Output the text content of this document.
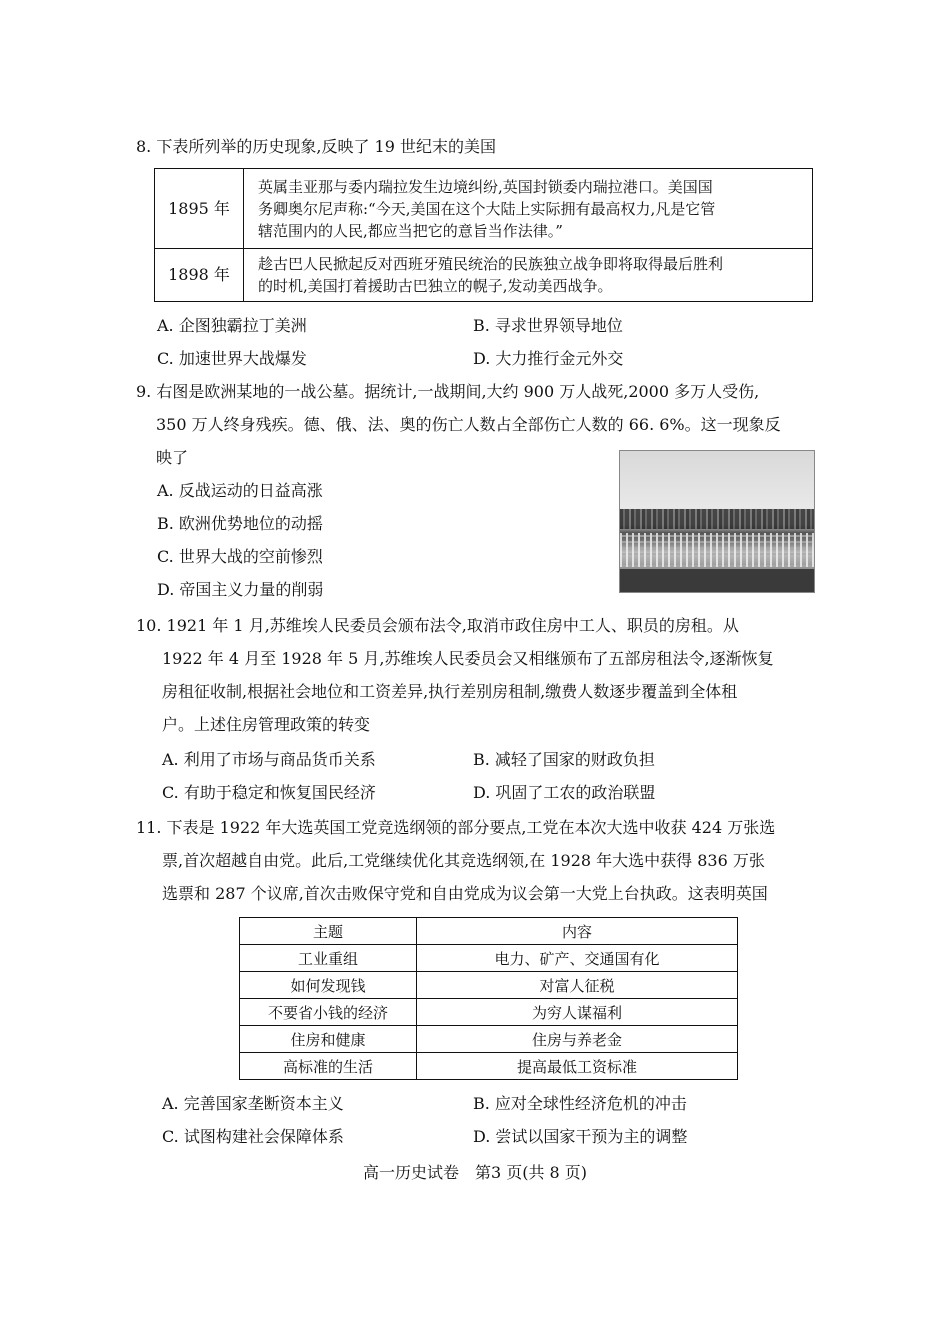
8. 下表所列举的历史现象,反映了 19 世纪末的美国
1895 年	英属圭亚那与委内瑞拉发生边境纠纷,英国封锁委内瑞拉港口。美国国
务卿奥尔尼声称:“今天,美国在这个大陆上实际拥有最高权力,凡是它管
辖范围内的人民,都应当把它的意旨当作法律。”

1898 年	趁古巴人民掀起反对西班牙殖民统治的民族独立战争即将取得最后胜利
的时机,美国打着援助古巴独立的幌子,发动美西战争。
A. 企图独霸拉丁美洲	B. 寻求世界领导地位
C. 加速世界大战爆发	D. 大力推行金元外交
9. 右图是欧洲某地的一战公墓。据统计,一战期间,大约 900 万人战死,2000 多万人受伤,
350 万人终身残疾。德、俄、法、奥的伤亡人数占全部伤亡人数的 66. 6%。这一现象反
映了
A. 反战运动的日益高涨
B. 欧洲优势地位的动摇
C. 世界大战的空前惨烈
D. 帝国主义力量的削弱
10. 1921 年 1 月,苏维埃人民委员会颁布法令,取消市政住房中工人、职员的房租。从
1922 年 4 月至 1928 年 5 月,苏维埃人民委员会又相继颁布了五部房租法令,逐渐恢复
房租征收制,根据社会地位和工资差异,执行差别房租制,缴费人数逐步覆盖到全体租
户。上述住房管理政策的转变
A. 利用了市场与商品货币关系	B. 减轻了国家的财政负担
C. 有助于稳定和恢复国民经济	D. 巩固了工农的政治联盟
11. 下表是 1922 年大选英国工党竞选纲领的部分要点,工党在本次大选中收获 424 万张选
票,首次超越自由党。此后,工党继续优化其竞选纲领,在 1928 年大选中获得 836 万张
选票和 287 个议席,首次击败保守党和自由党成为议会第一大党上台执政。这表明英国
主题	内容
工业重组	电力、矿产、交通国有化
如何发现钱	对富人征税
不要省小钱的经济	为穷人谋福利
住房和健康	住房与养老金
高标准的生活	提高最低工资标准
A. 完善国家垄断资本主义	B. 应对全球性经济危机的冲击
C. 试图构建社会保障体系	D. 尝试以国家干预为主的调整
高一历史试卷　第3 页(共 8 页)
